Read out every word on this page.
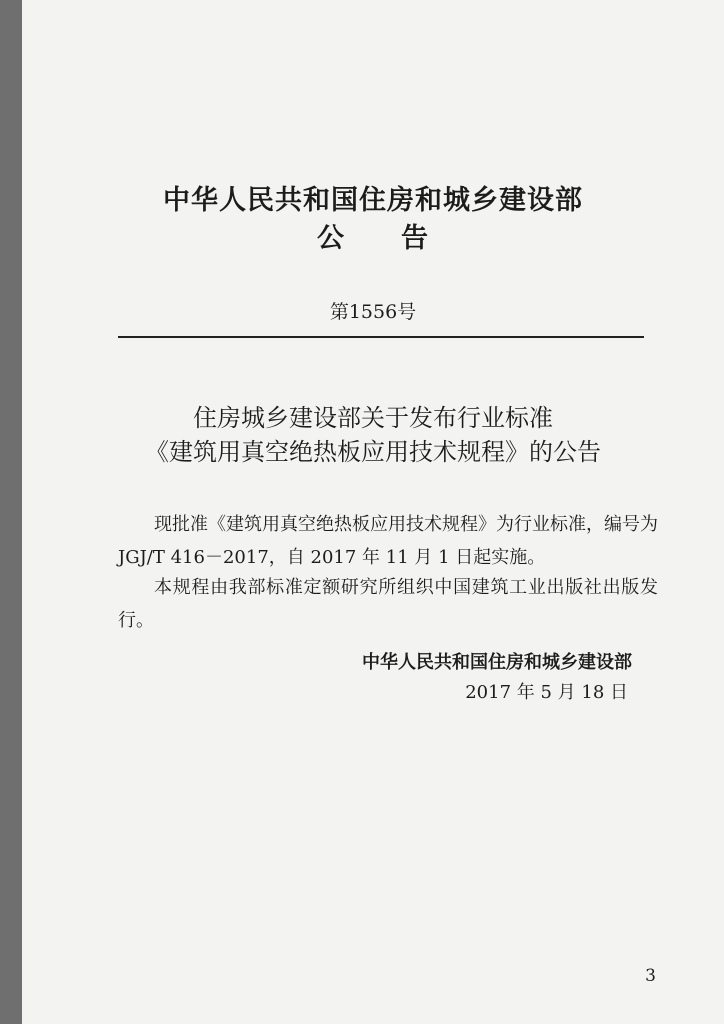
中华人民共和国住房和城乡建设部
公　　告
第1556号
住房城乡建设部关于发布行业标准
《建筑用真空绝热板应用技术规程》的公告
现批准《建筑用真空绝热板应用技术规程》为行业标准，编号为 JGJ/T 416－2017，自 2017 年 11 月 1 日起实施。
本规程由我部标准定额研究所组织中国建筑工业出版社出版发行。
中华人民共和国住房和城乡建设部
2017 年 5 月 18 日
3
